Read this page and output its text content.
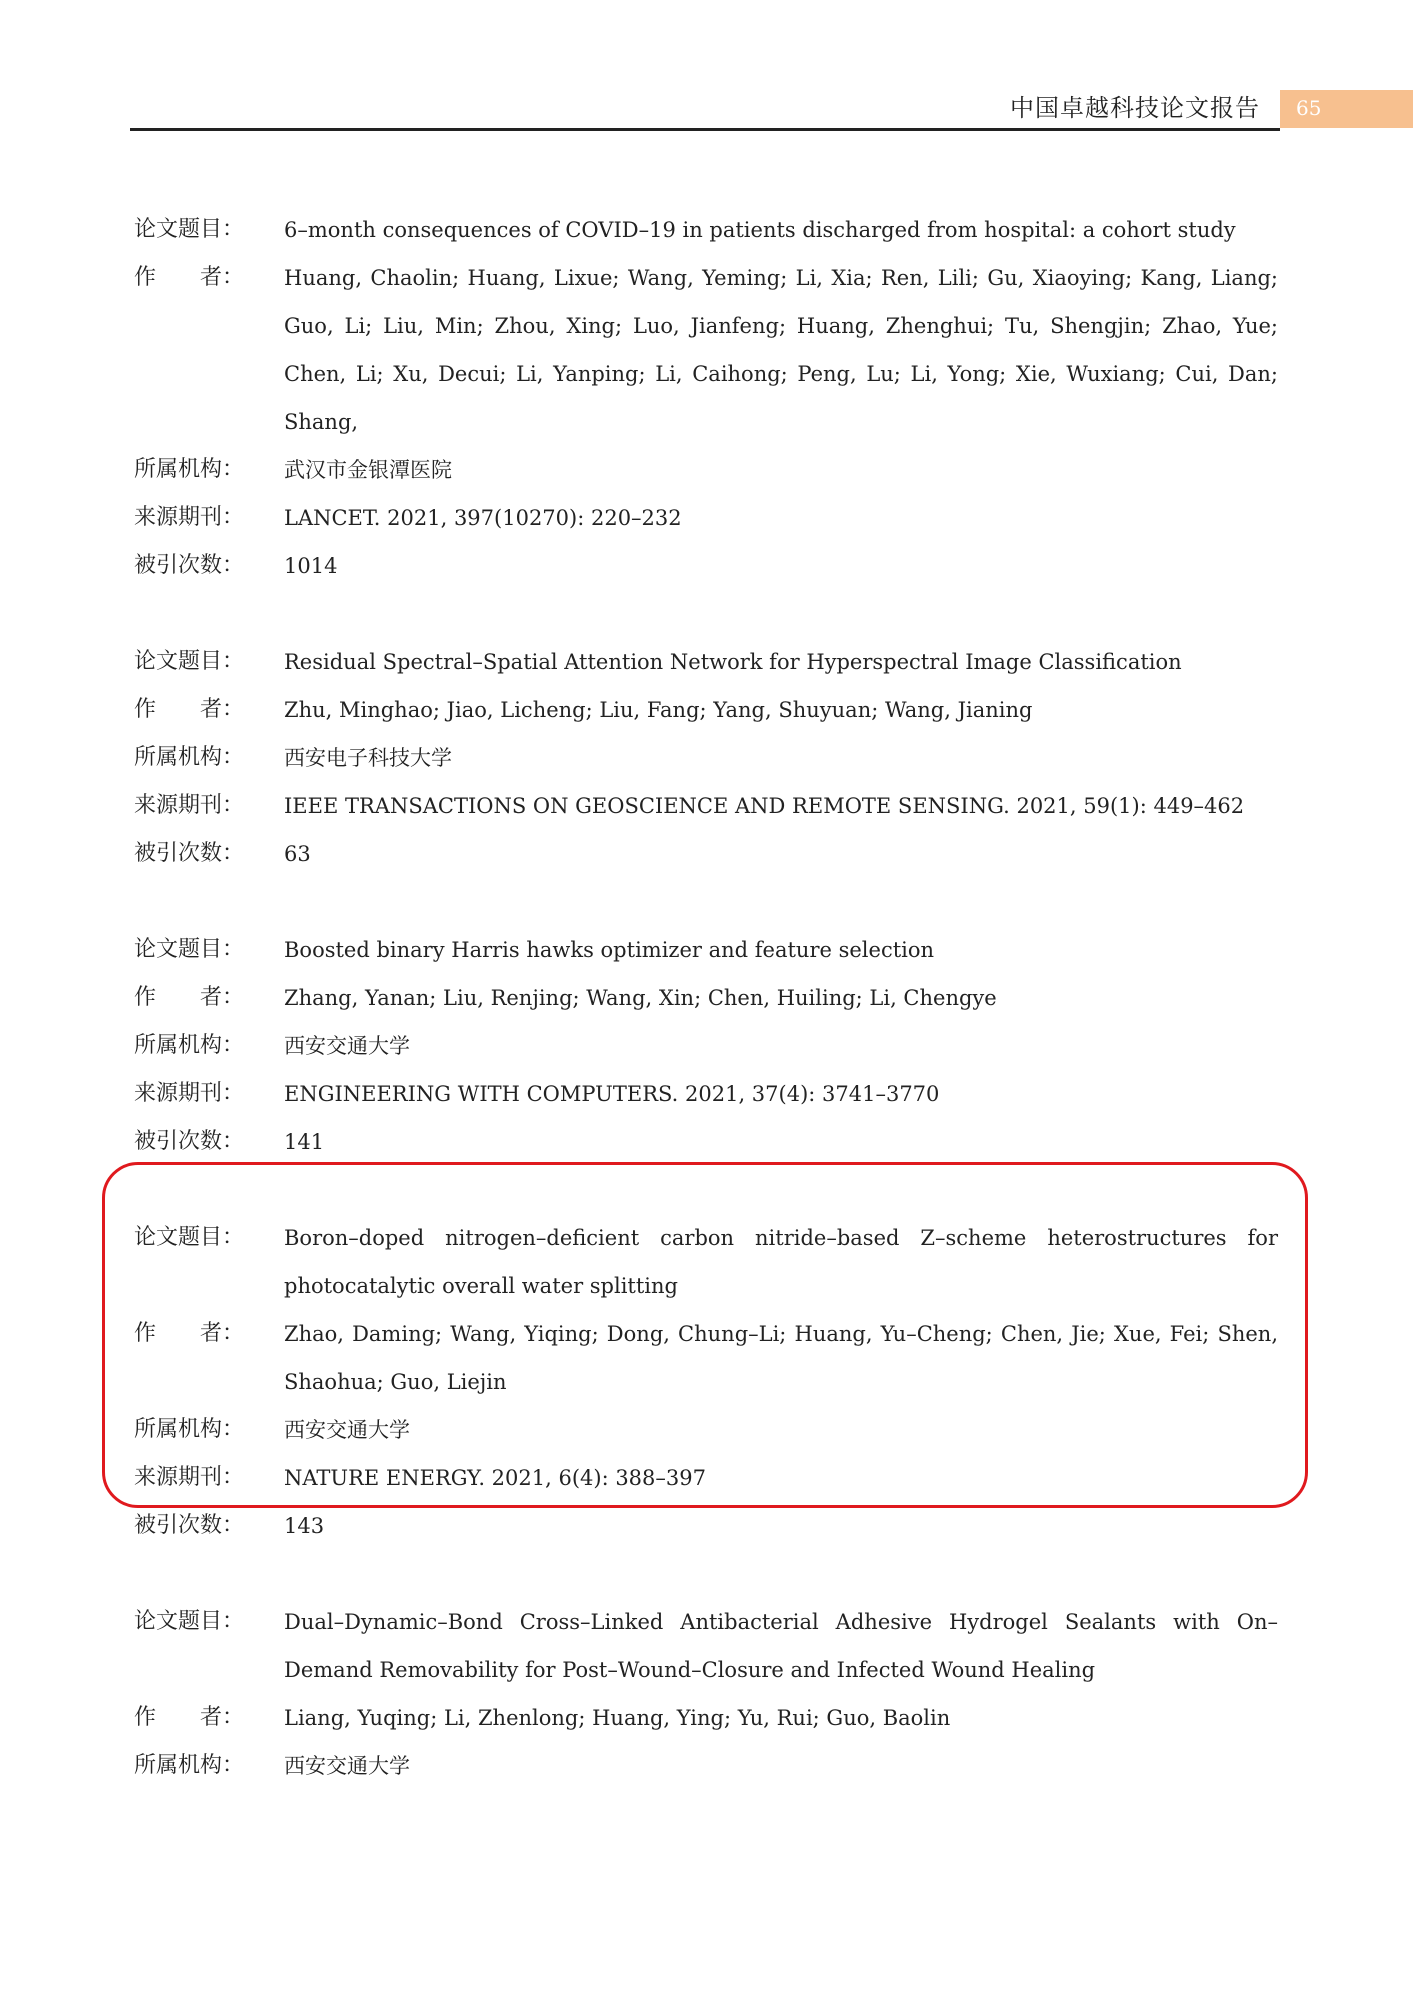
中国卓越科技论文报告 65
论文题目：	6–month consequences of COVID–19 in patients discharged from hospital: a cohort study
作　　者：	Huang, Chaolin; Huang, Lixue; Wang, Yeming; Li, Xia; Ren, Lili; Gu, Xiaoying; Kang, Liang; Guo, Li; Liu, Min; Zhou, Xing; Luo, Jianfeng; Huang, Zhenghui; Tu, Shengjin; Zhao, Yue; Chen, Li; Xu, Decui; Li, Yanping; Li, Caihong; Peng, Lu; Li, Yong; Xie, Wuxiang; Cui, Dan; Shang,
所属机构：	武汉市金银潭医院
来源期刊：	LANCET. 2021, 397(10270): 220–232
被引次数：	1014
论文题目：	Residual Spectral–Spatial Attention Network for Hyperspectral Image Classification
作　　者：	Zhu, Minghao; Jiao, Licheng; Liu, Fang; Yang, Shuyuan; Wang, Jianing
所属机构：	西安电子科技大学
来源期刊：	IEEE TRANSACTIONS ON GEOSCIENCE AND REMOTE SENSING. 2021, 59(1): 449–462
被引次数：	63
论文题目：	Boosted binary Harris hawks optimizer and feature selection
作　　者：	Zhang, Yanan; Liu, Renjing; Wang, Xin; Chen, Huiling; Li, Chengye
所属机构：	西安交通大学
来源期刊：	ENGINEERING WITH COMPUTERS. 2021, 37(4): 3741–3770
被引次数：	141
论文题目：	Boron–doped nitrogen–deficient carbon nitride–based Z–scheme heterostructures for photocatalytic overall water splitting
作　　者：	Zhao, Daming; Wang, Yiqing; Dong, Chung–Li; Huang, Yu–Cheng; Chen, Jie; Xue, Fei; Shen, Shaohua; Guo, Liejin
所属机构：	西安交通大学
来源期刊：	NATURE ENERGY. 2021, 6(4): 388–397
被引次数：	143
论文题目：	Dual–Dynamic–Bond Cross–Linked Antibacterial Adhesive Hydrogel Sealants with On–Demand Removability for Post–Wound–Closure and Infected Wound Healing
作　　者：	Liang, Yuqing; Li, Zhenlong; Huang, Ying; Yu, Rui; Guo, Baolin
所属机构：	西安交通大学
